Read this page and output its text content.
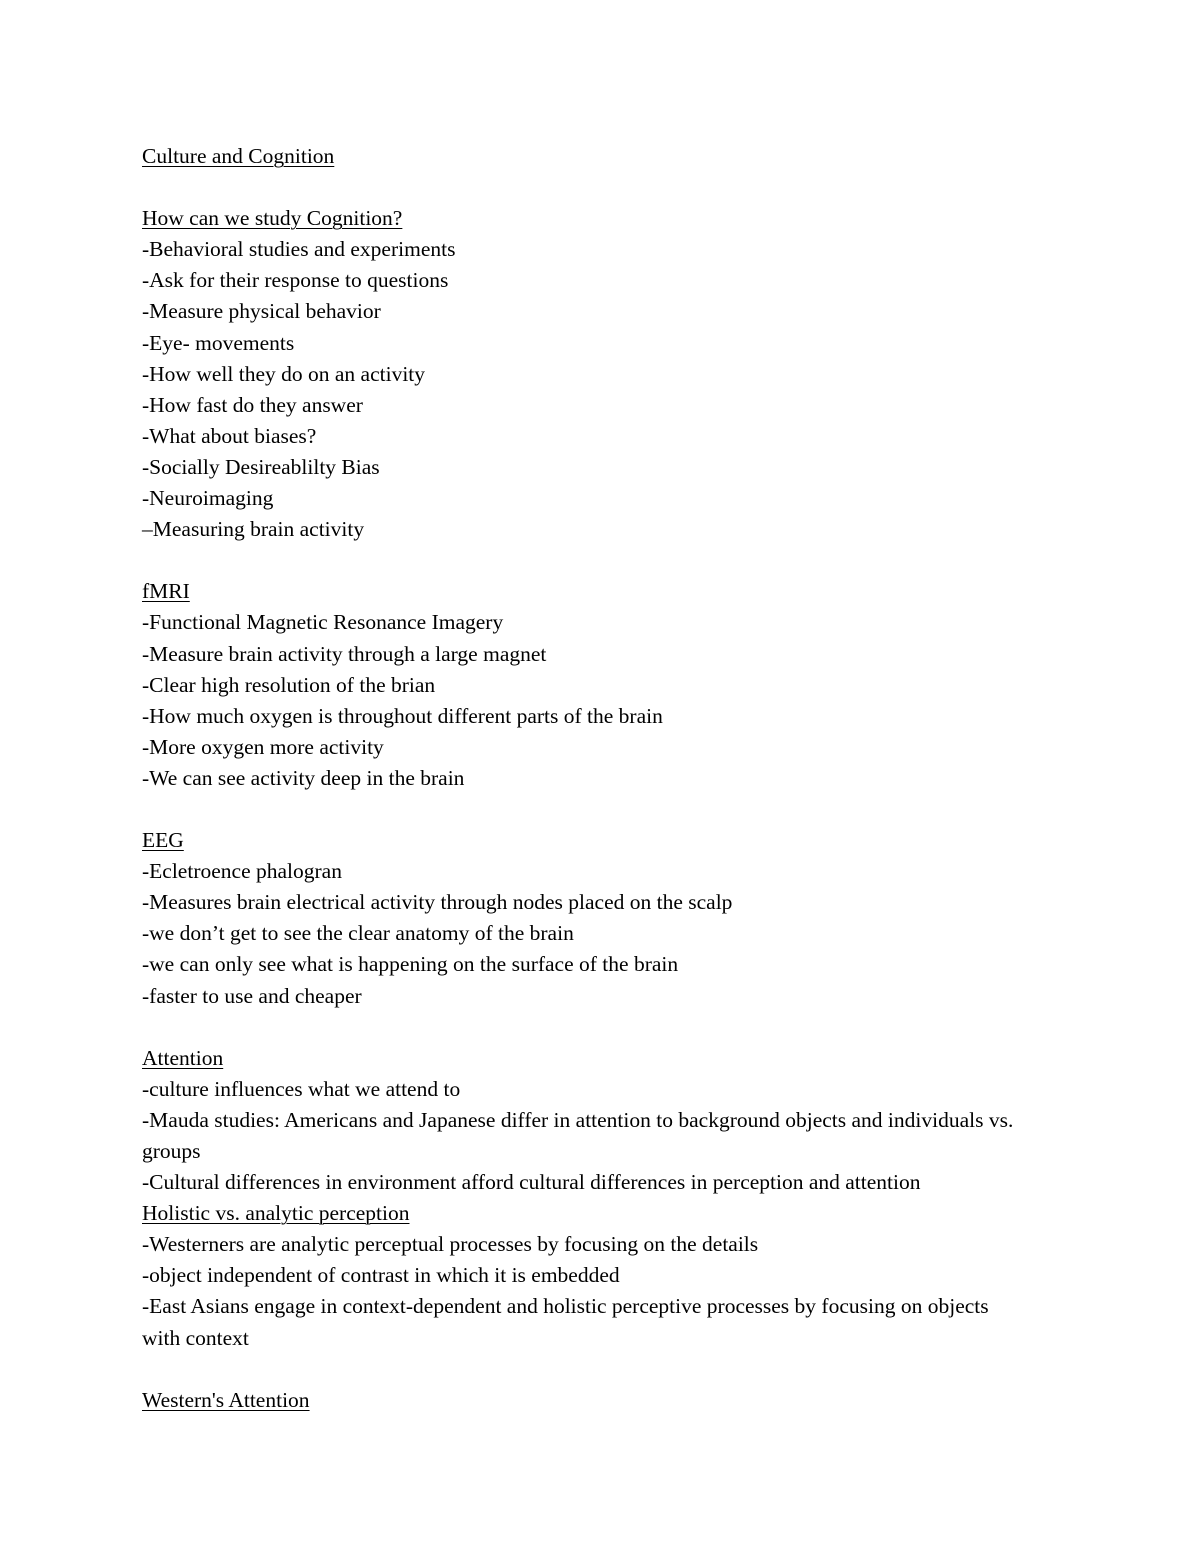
Culture and Cognition
How can we study Cognition?
-Behavioral studies and experiments
-Ask for their response to questions
-Measure physical behavior
-Eye- movements
-How well they do on an activity
-How fast do they answer
-What about biases?
-Socially Desireablilty Bias
-Neuroimaging
–Measuring brain activity
fMRI
-Functional Magnetic Resonance Imagery
-Measure brain activity through a large magnet
-Clear high resolution of the brian
-How much oxygen is throughout different parts of the brain
-More oxygen more activity
-We can see activity deep in the brain
EEG
-Ecletroence phalogran
-Measures brain electrical activity through nodes placed on the scalp
-we don’t get to see the clear anatomy of the brain
-we can only see what is happening on the surface of the brain
-faster to use and cheaper
Attention
-culture influences what we attend to
-Mauda studies: Americans and Japanese differ in attention to background objects and individuals vs. groups
-Cultural differences in environment afford cultural differences in perception and attention
Holistic vs. analytic perception
-Westerners are analytic perceptual processes by focusing on the details
-object independent of contrast in which it is embedded
-East Asians engage in context-dependent and holistic perceptive processes by focusing on objects with context
Western's Attention
